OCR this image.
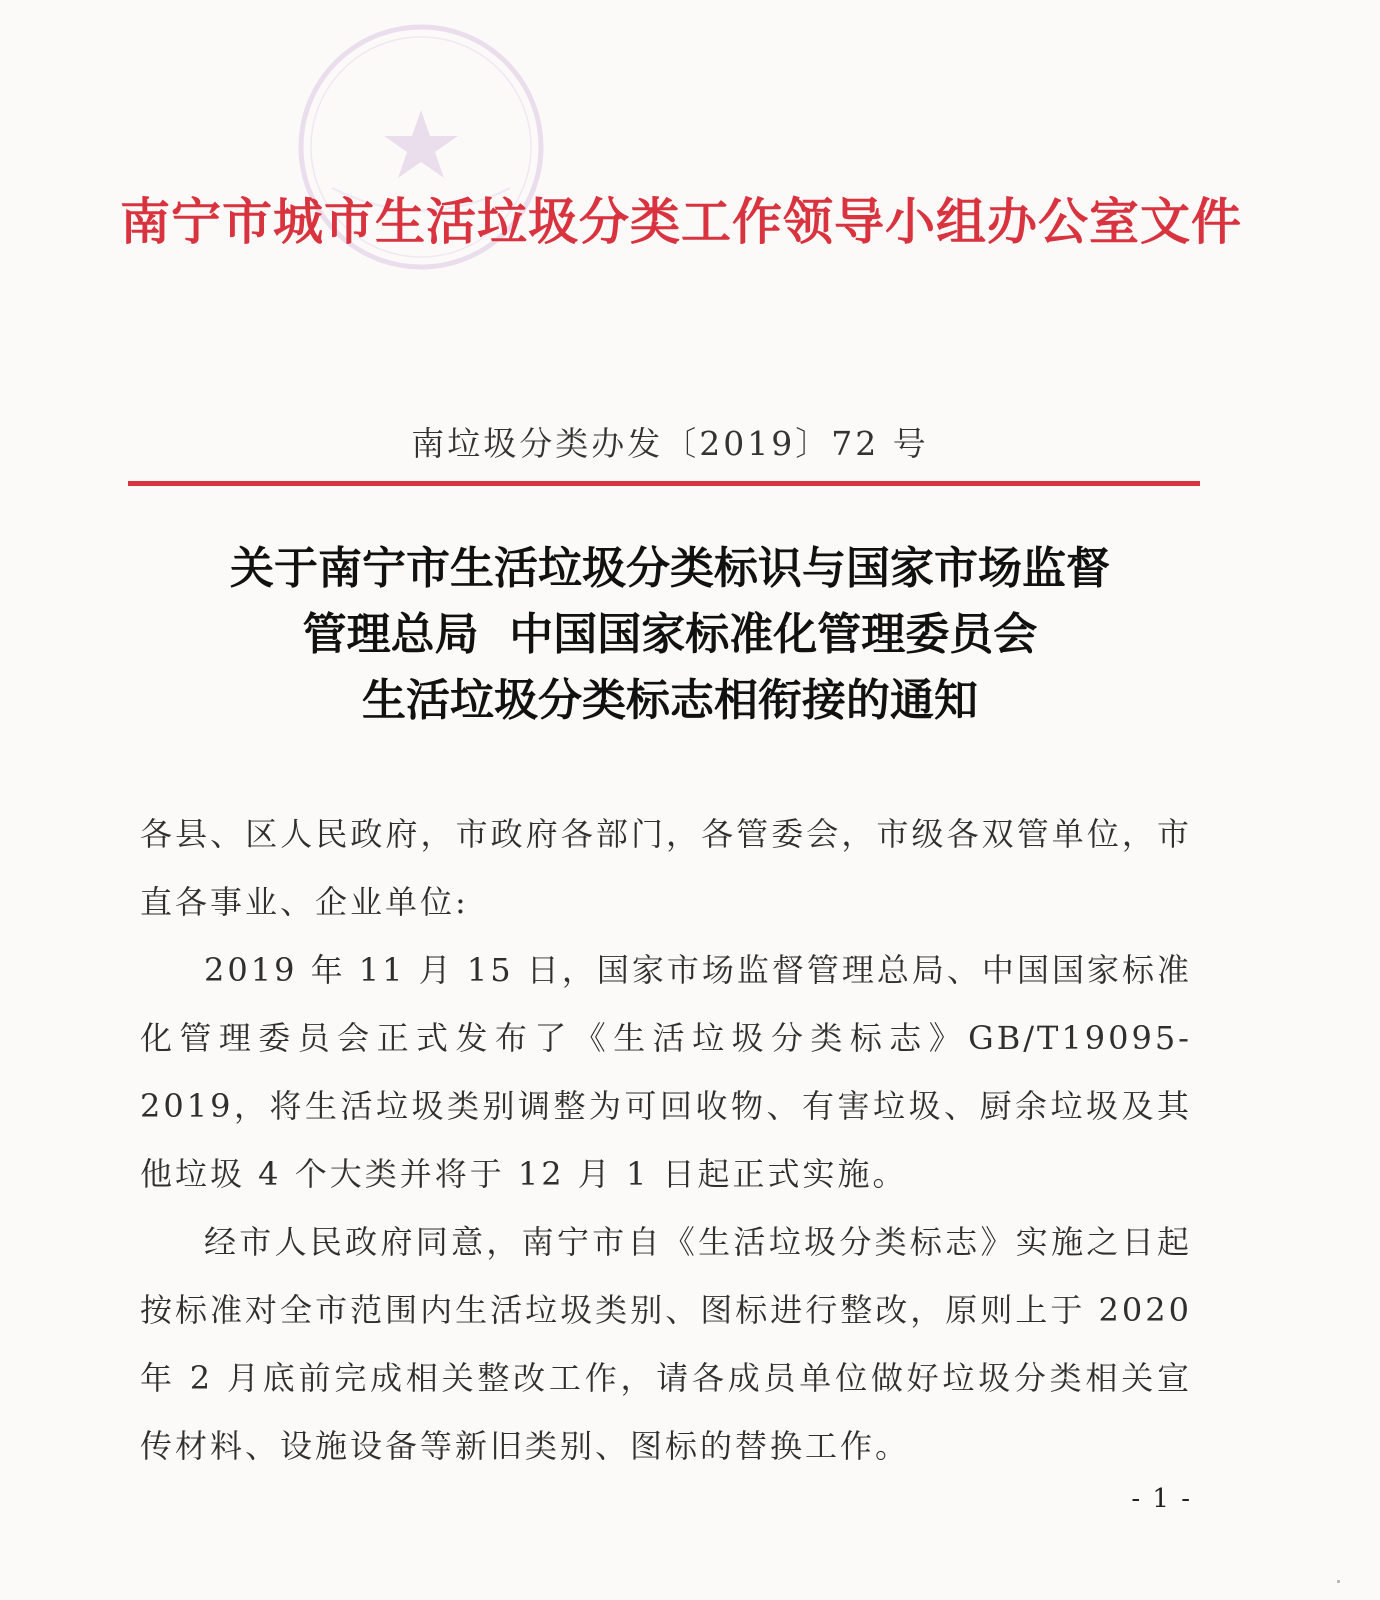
南宁市城市生活垃圾分类工作领导小组办公室文件
南垃圾分类办发〔2019〕72 号
关于南宁市生活垃圾分类标识与国家市场监督
管理总局  中国国家标准化管理委员会
生活垃圾分类标志相衔接的通知

各县、区人民政府，市政府各部门，各管委会，市级各双管单位，市直各事业、企业单位:

2019 年 11 月 15 日，国家市场监督管理总局、中国国家标准化管理委员会正式发布了《生活垃圾分类标志》GB/T19095-2019，将生活垃圾类别调整为可回收物、有害垃圾、厨余垃圾及其他垃圾 4 个大类并将于 12 月 1 日起正式实施。

经市人民政府同意，南宁市自《生活垃圾分类标志》实施之日起按标准对全市范围内生活垃圾类别、图标进行整改，原则上于 2020 年 2 月底前完成相关整改工作，请各成员单位做好垃圾分类相关宣传材料、设施设备等新旧类别、图标的替换工作。

- 1 -
